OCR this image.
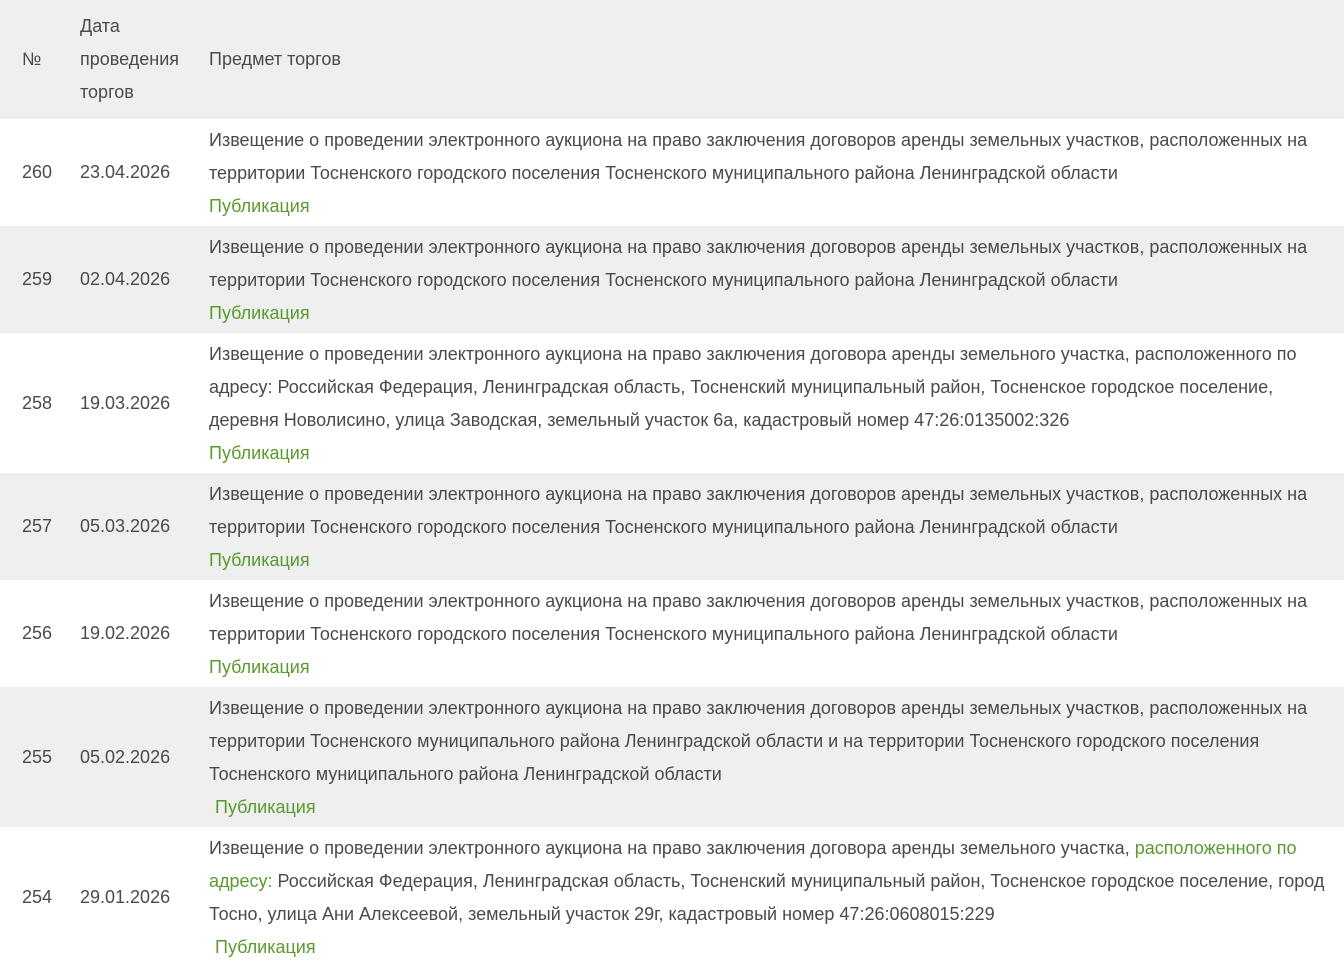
№	Дата проведения торгов	Предмет торгов
260	23.04.2026	Извещение о проведении электронного аукциона на право заключения договоров аренды земельных участков, расположенных на территории Тосненского городского поселения Тосненского муниципального района Ленинградской области
Публикация

259	02.04.2026	Извещение о проведении электронного аукциона на право заключения договоров аренды земельных участков, расположенных на территории Тосненского городского поселения Тосненского муниципального района Ленинградской области
Публикация

258	19.03.2026	Извещение о проведении электронного аукциона на право заключения договора аренды земельного участка, расположенного по адресу: Российская Федерация, Ленинградская область, Тосненский муниципальный район, Тосненское городское поселение, деревня Новолисино, улица Заводская, земельный участок 6а, кадастровый номер 47:26:0135002:326
Публикация

257	05.03.2026	Извещение о проведении электронного аукциона на право заключения договоров аренды земельных участков, расположенных на территории Тосненского городского поселения Тосненского муниципального района Ленинградской области
Публикация

256	19.02.2026	Извещение о проведении электронного аукциона на право заключения договоров аренды земельных участков, расположенных на территории Тосненского городского поселения Тосненского муниципального района Ленинградской области
Публикация

255	05.02.2026	Извещение о проведении электронного аукциона на право заключения договоров аренды земельных участков, расположенных на территории Тосненского муниципального района Ленинградской области и на территории Тосненского городского поселения Тосненского муниципального района Ленинградской области
Публикация

254	29.01.2026	Извещение о проведении электронного аукциона на право заключения договора аренды земельного участка, расположенного по адресу: Российская Федерация, Ленинградская область, Тосненский муниципальный район, Тосненское городское поселение, город Тосно, улица Ани Алексеевой, земельный участок 29г, кадастровый номер 47:26:0608015:229
Публикация
